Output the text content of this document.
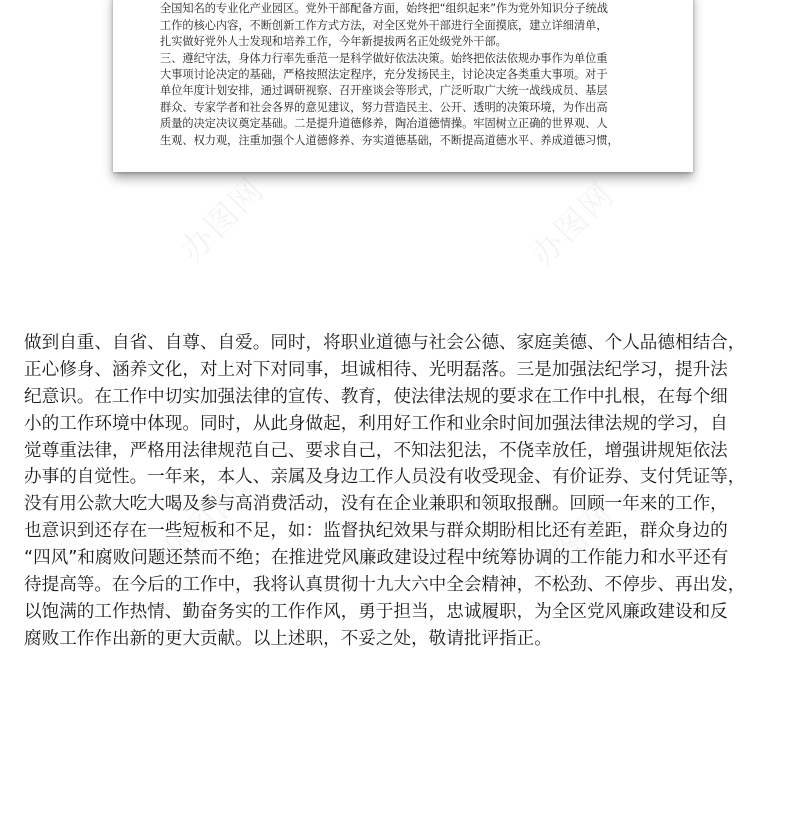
全国知名的专业化产业园区。党外干部配备方面，始终把“组织起来”作为党外知识分子统战
工作的核心内容，不断创新工作方式方法，对全区党外干部进行全面摸底，建立详细清单，
扎实做好党外人士发现和培养工作，今年新提拔两名正处级党外干部。
三、遵纪守法，身体力行率先垂范一是科学做好依法决策。始终把依法依规办事作为单位重
大事项讨论决定的基础，严格按照法定程序，充分发扬民主，讨论决定各类重大事项。对于
单位年度计划安排，通过调研视察、召开座谈会等形式，广泛听取广大统一战线成员、基层
群众、专家学者和社会各界的意见建议，努力营造民主、公开、透明的决策环境，为作出高
质量的决定决议奠定基础。二是提升道德修养，陶冶道德情操。牢固树立正确的世界观、人
生观、权力观，注重加强个人道德修养、夯实道德基础，不断提高道德水平、养成道德习惯，
办图网	办图网
办图网	办图网
做到自重、自省、自尊、自爱。同时，将职业道德与社会公德、家庭美德、个人品德相结合，
正心修身、涵养文化，对上对下对同事，坦诚相待、光明磊落。三是加强法纪学习，提升法
纪意识。在工作中切实加强法律的宣传、教育，使法律法规的要求在工作中扎根，在每个细
小的工作环境中体现。同时，从此身做起，利用好工作和业余时间加强法律法规的学习，自
觉尊重法律，严格用法律规范自己、要求自己，不知法犯法，不侥幸放任，增强讲规矩依法
办事的自觉性。一年来，本人、亲属及身边工作人员没有收受现金、有价证券、支付凭证等，
没有用公款大吃大喝及参与高消费活动，没有在企业兼职和领取报酬。回顾一年来的工作，
也意识到还存在一些短板和不足，如：监督执纪效果与群众期盼相比还有差距，群众身边的
“四风”和腐败问题还禁而不绝；在推进党风廉政建设过程中统筹协调的工作能力和水平还有
待提高等。在今后的工作中，我将认真贯彻十九大六中全会精神，不松劲、不停步、再出发，
以饱满的工作热情、勤奋务实的工作作风，勇于担当，忠诚履职，为全区党风廉政建设和反
腐败工作作出新的更大贡献。以上述职，不妥之处，敬请批评指正。
